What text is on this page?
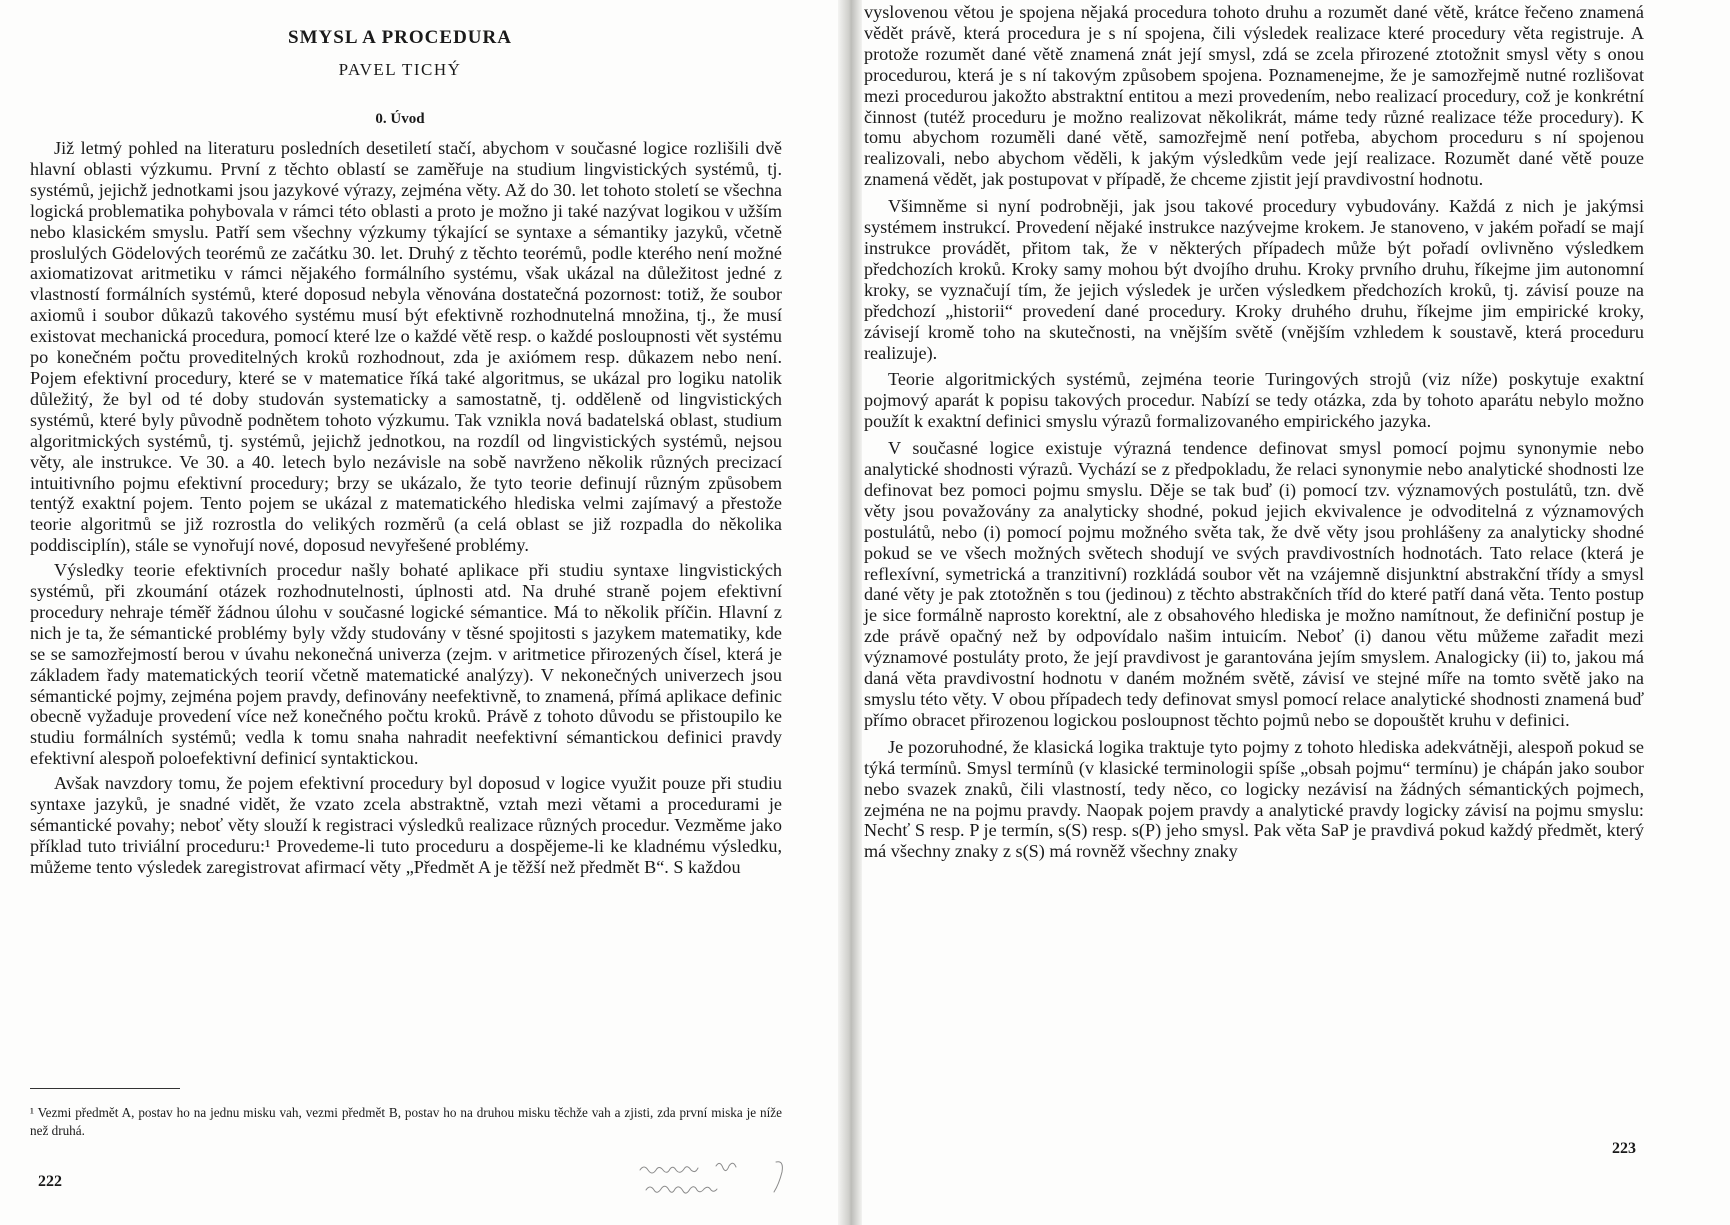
SMYSL A PROCEDURA
PAVEL TICHÝ
0. Úvod

Již letmý pohled na literaturu posledních desetiletí stačí, abychom v současné logice rozlišili dvě hlavní oblasti výzkumu. První z těchto oblastí se zaměřuje na studium lingvistických systémů, tj. systémů, jejichž jednotkami jsou jazykové výrazy, zejména věty. Až do 30. let tohoto století se všechna logická problematika pohybovala v rámci této oblasti a proto je možno ji také nazývat logikou v užším nebo klasickém smyslu. Patří sem všechny výzkumy týkající se syntaxe a sémantiky jazyků, včetně proslulých Gödelových teorémů ze začátku 30. let. Druhý z těchto teorémů, podle kterého není možné axiomatizovat aritmetiku v rámci nějakého formálního systému, však ukázal na důležitost jedné z vlastností formálních systémů, které doposud nebyla věnována dostatečná pozornost: totiž, že soubor axiomů i soubor důkazů takového systému musí být efektivně rozhodnutelná množina, tj., že musí existovat mechanická procedura, pomocí které lze o každé větě resp. o každé posloupnosti vět systému po konečném počtu proveditelných kroků rozhodnout, zda je axiómem resp. důkazem nebo není. Pojem efektivní procedury, které se v matematice říká také algoritmus, se ukázal pro logiku natolik důležitý, že byl od té doby studován systematicky a samostatně, tj. odděleně od lingvistických systémů, které byly původně podnětem tohoto výzkumu. Tak vznikla nová badatelská oblast, studium algoritmických systémů, tj. systémů, jejichž jednotkou, na rozdíl od lingvistických systémů, nejsou věty, ale instrukce. Ve 30. a 40. letech bylo nezávisle na sobě navrženo několik různých precizací intuitivního pojmu efektivní procedury; brzy se ukázalo, že tyto teorie definují různým způsobem tentýž exaktní pojem. Tento pojem se ukázal z matematického hlediska velmi zajímavý a přestože teorie algoritmů se již rozrostla do velikých rozměrů (a celá oblast se již rozpadla do několika poddisciplín), stále se vynořují nové, doposud nevyřešené problémy.

Výsledky teorie efektivních procedur našly bohaté aplikace při studiu syntaxe lingvistických systémů, při zkoumání otázek rozhodnutelnosti, úplnosti atd. Na druhé straně pojem efektivní procedury nehraje téměř žádnou úlohu v současné logické sémantice. Má to několik příčin. Hlavní z nich je ta, že sémantické problémy byly vždy studovány v těsné spojitosti s jazykem matematiky, kde se se samozřejmostí berou v úvahu nekonečná univerza (zejm. v aritmetice přirozených čísel, která je základem řady matematických teorií včetně matematické analýzy). V nekonečných univerzech jsou sémantické pojmy, zejména pojem pravdy, definovány neefektivně, to znamená, přímá aplikace definic obecně vyžaduje provedení více než konečného počtu kroků. Právě z tohoto důvodu se přistoupilo ke studiu formálních systémů; vedla k tomu snaha nahradit neefektivní sémantickou definici pravdy efektivní alespoň poloefektivní definicí syntaktickou.

Avšak navzdory tomu, že pojem efektivní procedury byl doposud v logice využit pouze při studiu syntaxe jazyků, je snadné vidět, že vzato zcela abstraktně, vztah mezi větami a procedurami je sémantické povahy; neboť věty slouží k registraci výsledků realizace různých procedur. Vezměme jako příklad tuto triviální proceduru:¹ Provedeme-li tuto proceduru a dospějeme-li ke kladnému výsledku, můžeme tento výsledek zaregistrovat afirmací věty „Předmět A je těžší než předmět B“. S každou

¹ Vezmi předmět A, postav ho na jednu misku vah, vezmi předmět B, postav ho na druhou misku těchže vah a zjisti, zda první miska je níže než druhá.
222

vyslovenou větou je spojena nějaká procedura tohoto druhu a rozumět dané větě, krátce řečeno znamená vědět právě, která procedura je s ní spojena, čili výsledek realizace které procedury věta registruje. A protože rozumět dané větě znamená znát její smysl, zdá se zcela přirozené ztotožnit smysl věty s onou procedurou, která je s ní takovým způsobem spojena. Poznamenejme, že je samozřejmě nutné rozlišovat mezi procedurou jakožto abstraktní entitou a mezi provedením, nebo realizací procedury, což je konkrétní činnost (tutéž proceduru je možno realizovat několikrát, máme tedy různé realizace téže procedury). K tomu abychom rozuměli dané větě, samozřejmě není potřeba, abychom proceduru s ní spojenou realizovali, nebo abychom věděli, k jakým výsledkům vede její realizace. Rozumět dané větě pouze znamená vědět, jak postupovat v případě, že chceme zjistit její pravdivostní hodnotu.

Všimněme si nyní podrobněji, jak jsou takové procedury vybudovány. Každá z nich je jakýmsi systémem instrukcí. Provedení nějaké instrukce nazývejme krokem. Je stanoveno, v jakém pořadí se mají instrukce provádět, přitom tak, že v některých případech může být pořadí ovlivněno výsledkem předchozích kroků. Kroky samy mohou být dvojího druhu. Kroky prvního druhu, říkejme jim autonomní kroky, se vyznačují tím, že jejich výsledek je určen výsledkem předchozích kroků, tj. závisí pouze na předchozí „historii“ provedení dané procedury. Kroky druhého druhu, říkejme jim empirické kroky, závisejí kromě toho na skutečnosti, na vnějším světě (vnějším vzhledem k soustavě, která proceduru realizuje).

Teorie algoritmických systémů, zejména teorie Turingových strojů (viz níže) poskytuje exaktní pojmový aparát k popisu takových procedur. Nabízí se tedy otázka, zda by tohoto aparátu nebylo možno použít k exaktní definici smyslu výrazů formalizovaného empirického jazyka.

V současné logice existuje výrazná tendence definovat smysl pomocí pojmu synonymie nebo analytické shodnosti výrazů. Vychází se z předpokladu, že relaci synonymie nebo analytické shodnosti lze definovat bez pomoci pojmu smyslu. Děje se tak buď (i) pomocí tzv. významových postulátů, tzn. dvě věty jsou považovány za analyticky shodné, pokud jejich ekvivalence je odvoditelná z významových postulátů, nebo (i) pomocí pojmu možného světa tak, že dvě věty jsou prohlášeny za analyticky shodné pokud se ve všech možných světech shodují ve svých pravdivostních hodnotách. Tato relace (která je reflexívní, symetrická a tranzitivní) rozkládá soubor vět na vzájemně disjunktní abstrakční třídy a smysl dané věty je pak ztotožněn s tou (jedinou) z těchto abstrakčních tříd do které patří daná věta. Tento postup je sice formálně naprosto korektní, ale z obsahového hlediska je možno namítnout, že definiční postup je zde právě opačný než by odpovídalo našim intuicím. Neboť (i) danou větu můžeme zařadit mezi významové postuláty proto, že její pravdivost je garantována jejím smyslem. Analogicky (ii) to, jakou má daná věta pravdivostní hodnotu v daném možném světě, závisí ve stejné míře na tomto světě jako na smyslu této věty. V obou případech tedy definovat smysl pomocí relace analytické shodnosti znamená buď přímo obracet přirozenou logickou posloupnost těchto pojmů nebo se dopouštět kruhu v definici.

Je pozoruhodné, že klasická logika traktuje tyto pojmy z tohoto hlediska adekvátněji, alespoň pokud se týká termínů. Smysl termínů (v klasické terminologii spíše „obsah pojmu“ termínu) je chápán jako soubor nebo svazek znaků, čili vlastností, tedy něco, co logicky nezávisí na žádných sémantických pojmech, zejména ne na pojmu pravdy. Naopak pojem pravdy a analytické pravdy logicky závisí na pojmu smyslu: Nechť S resp. P je termín, s(S) resp. s(P) jeho smysl. Pak věta SaP je pravdivá pokud každý předmět, který má všechny znaky z s(S) má rovněž všechny znaky

223
